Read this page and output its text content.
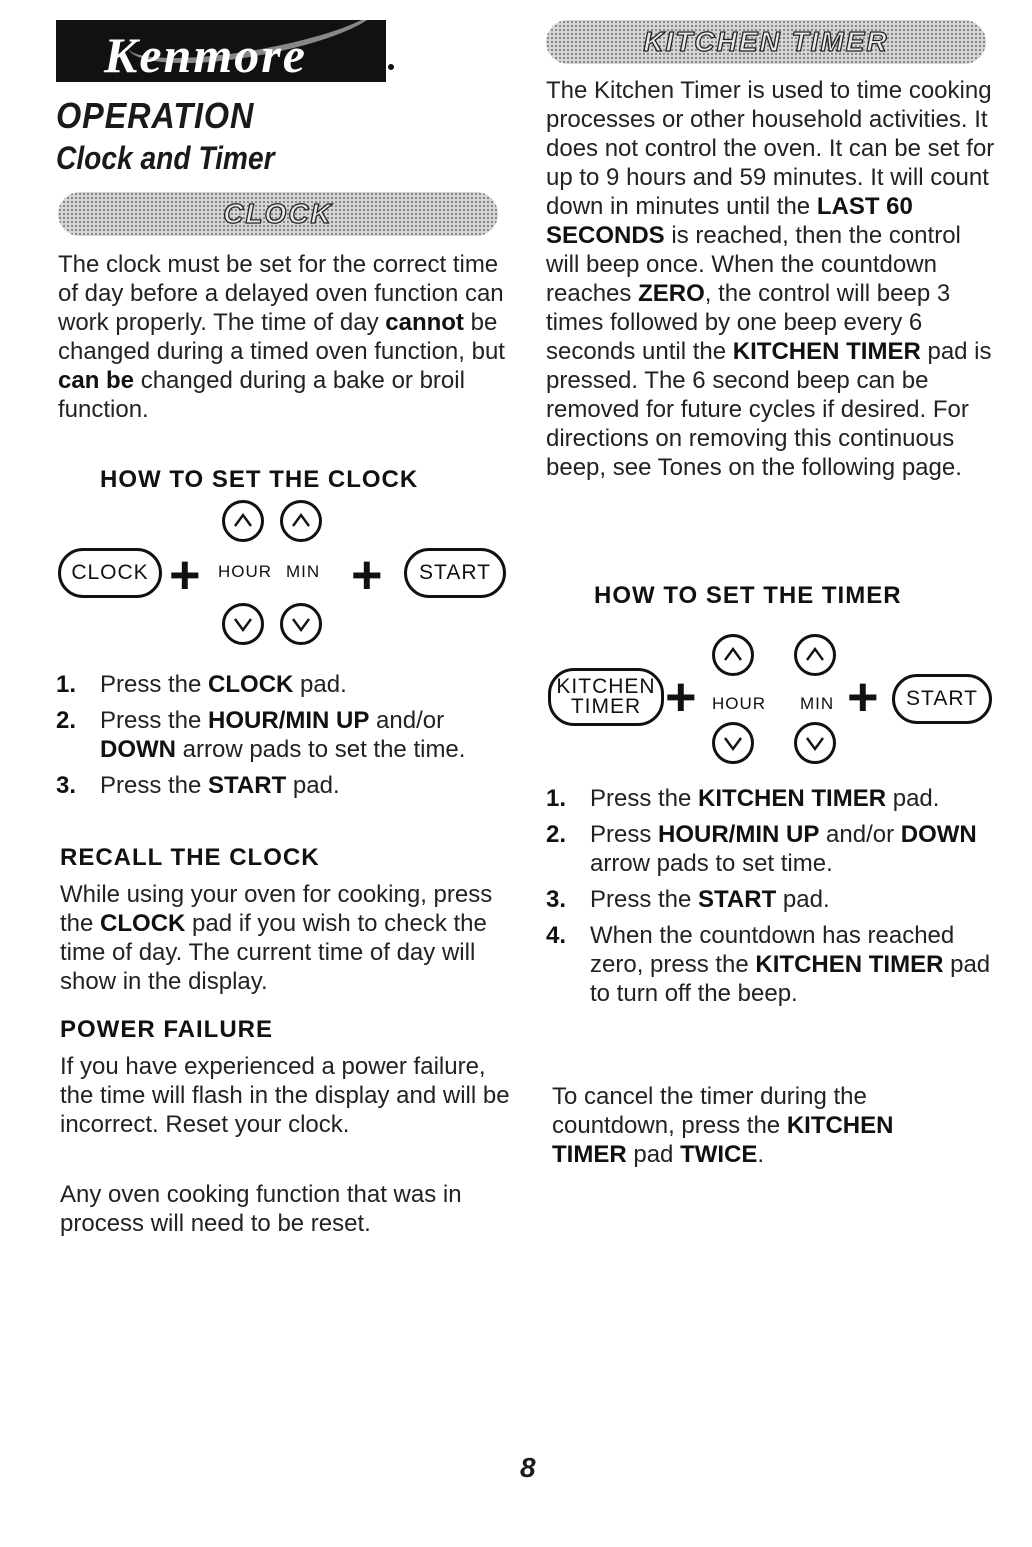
Kenmore
OPERATION
Clock and Timer
CLOCK
The clock must be set for the correct time of day before a delayed oven function can work properly. The time of day cannot be changed during a timed oven function, but can be changed during a bake or broil function.
HOW TO SET THE CLOCK
CLOCK + HOUR MIN +	START
1. Press the CLOCK pad.
2. Press the HOUR/MIN UP and/or DOWN arrow pads to set the time.
3. Press the START pad.
RECALL THE CLOCK
While using your oven for cooking, press the CLOCK pad if you wish to check the time of day. The current time of day will show in the display.
POWER FAILURE
If you have experienced a power failure, the time will flash in the display and will be incorrect. Reset your clock.
Any oven cooking function that was in process will need to be reset.
KITCHEN TIMER
The Kitchen Timer is used to time cooking processes or other household activities. It does not control the oven. It can be set for up to 9 hours and 59 minutes. It will count down in minutes until the LAST 60 SECONDS is reached, then the control will beep once. When the countdown reaches ZERO, the control will beep 3 times followed by one beep every 6 seconds until the KITCHEN TIMER pad is pressed. The 6 second beep can be removed for future cycles if desired. For directions on removing this continuous beep, see Tones on the following page.
HOW TO SET THE TIMER
KITCHEN
TIMER + HOUR MIN +	START
1. Press the KITCHEN TIMER pad.
2. Press HOUR/MIN UP and/or DOWN arrow pads to set time.
3. Press the START pad.
4. When the countdown has reached zero, press the KITCHEN TIMER pad to turn off the beep.
To cancel the timer during the countdown, press the KITCHEN TIMER pad TWICE.
8
